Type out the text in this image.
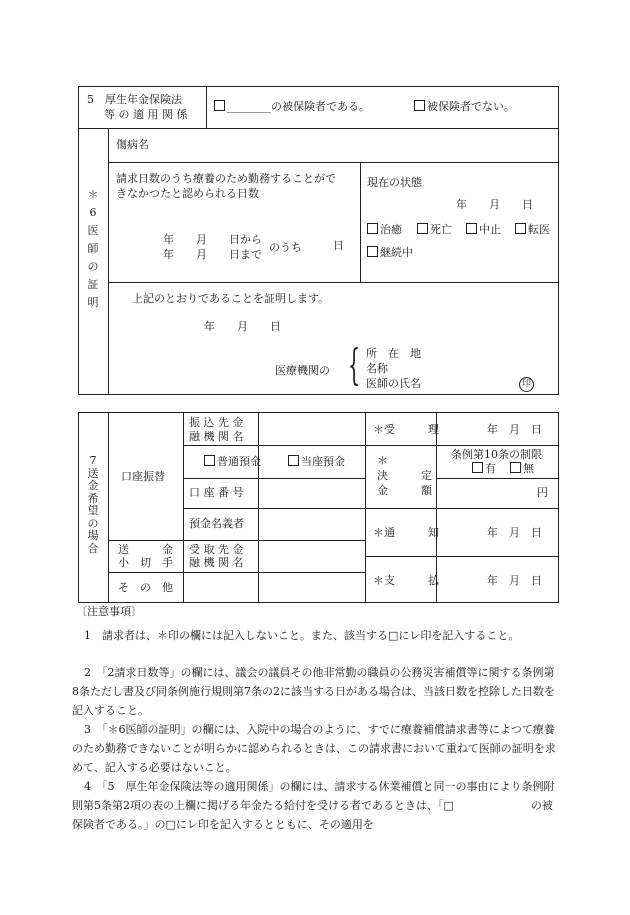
5　厚生年金保険法
等 の 適 用 関 係
________の被保険者である。	被保険者でない。
＊6医師の証明
傷病名
請求日数のうち療養のため勤務することがで
きなかつたと認められる日数
年　　月　　日から
年　　月　　日まで
のうち	日
現在の状態
年　　月　　日
治癒	死亡	中止	転医
継続中
上記のとおりであることを証明します。
年　　月　　日
医療機関の { 所　在　地
名称
医師の氏名	印
7送金希望の場合
口座振替
振 込 先 金
融 機 関 名
普通預金	当座預金
口 座 番 号
預金名義者
送　　　金
小　切　手
受 取 先 金
融 機 関 名
そ　の　他
＊受　　　理	年　月　日
＊
決　　　定
金　　　額
条例第10条の制限
有	無
円
＊通　　　知	年　月　日
＊支　　　払	年　月　日
〔注意事項〕
1　請求者は、＊印の欄には記入しないこと。また、該当する□にレ印を記入すること。
2　「2請求日数等」の欄には、議会の議員その他非常勤の職員の公務災害補償等に関する条例第8条ただし書及び同条例施行規則第7条の2に該当する日がある場合は、当該日数を控除した日数を記入すること。
3　「＊6医師の証明」の欄には、入院中の場合のように、すでに療養補償請求書等によつて療養のため勤務できないことが明らかに認められるときは、この請求書において重ねて医師の証明を求めて、記入する必要はないこと。
4　「5　厚生年金保険法等の適用関係」の欄には、請求する休業補償と同一の事由により条例附則第5条第2項の表の上欄に掲げる年金たる給付を受ける者であるときは、「□　　　　　　　の被保険者である。」の□にレ印を記入するとともに、その適用を
